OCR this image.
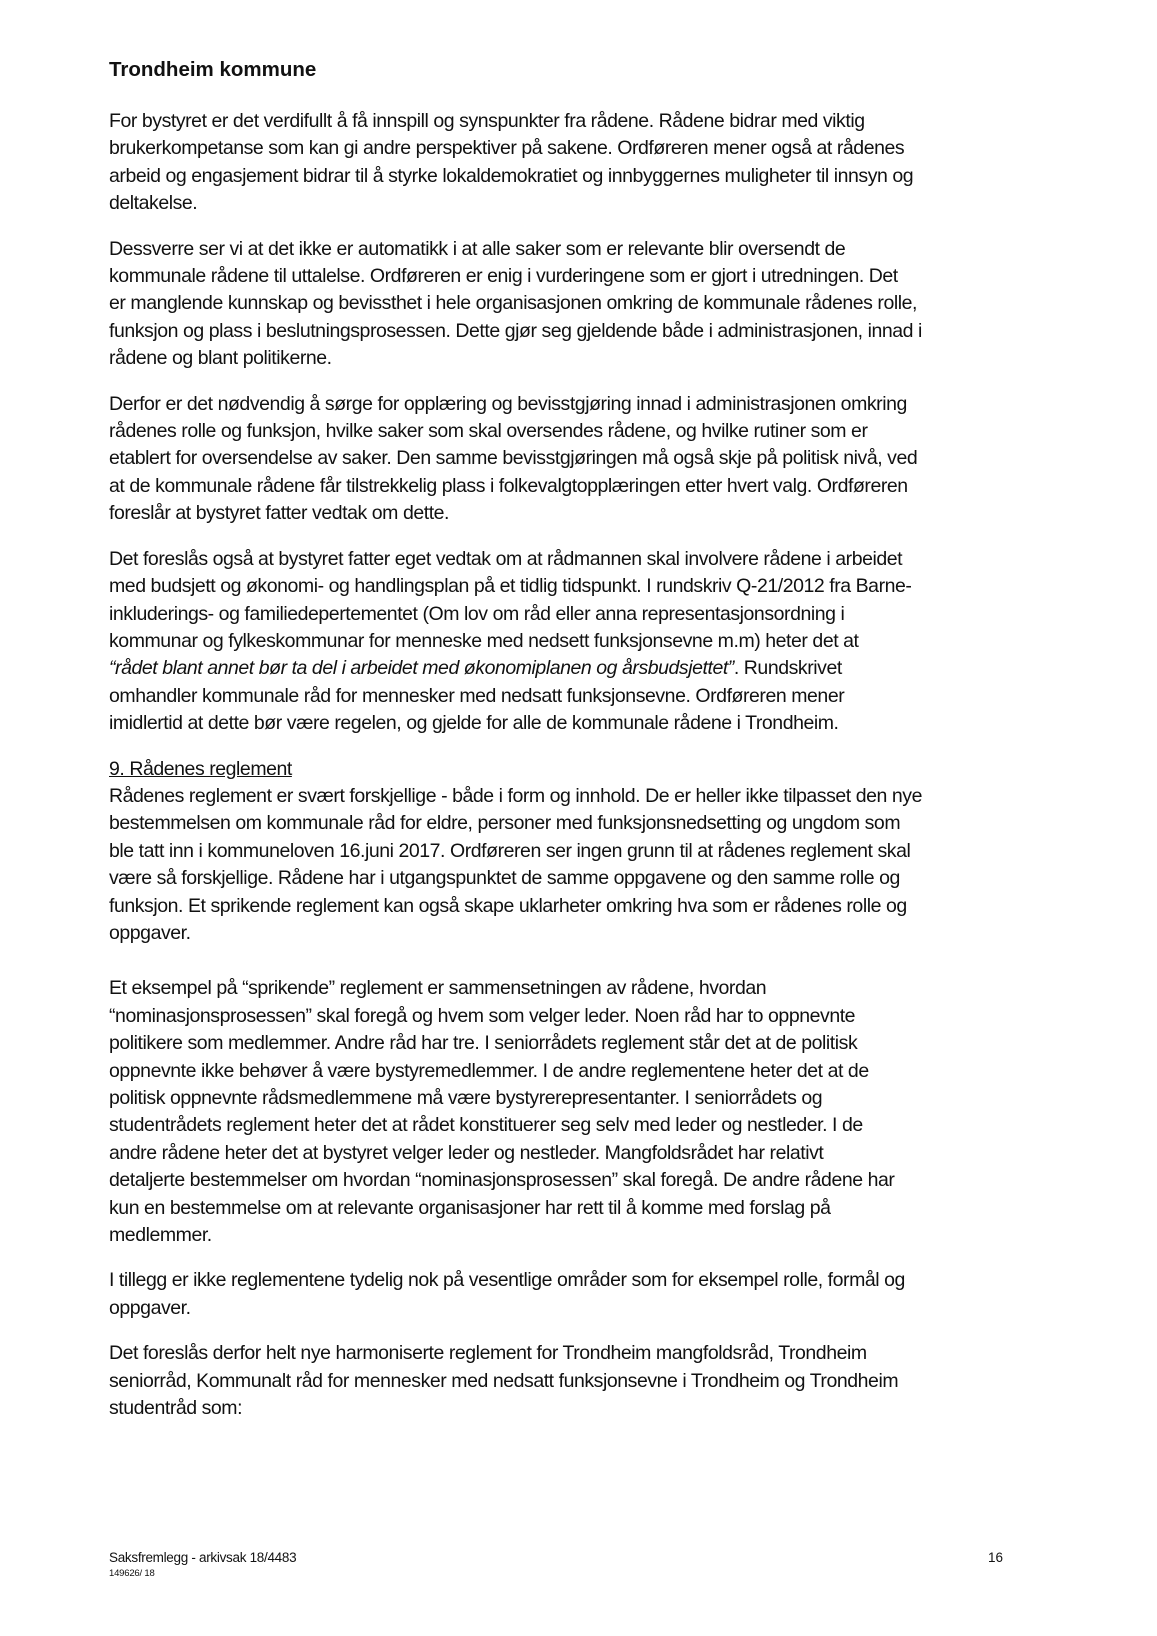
Trondheim kommune

For bystyret er det verdifullt å få innspill og synspunkter fra rådene. Rådene bidrar med viktig
brukerkompetanse som kan gi andre perspektiver på sakene. Ordføreren mener også at rådenes
arbeid og engasjement bidrar til å styrke lokaldemokratiet og innbyggernes muligheter til innsyn og
deltakelse.

Dessverre ser vi at det ikke er automatikk i at alle saker som er relevante blir oversendt de
kommunale rådene til uttalelse. Ordføreren er enig i vurderingene som er gjort i utredningen. Det
er manglende kunnskap og bevissthet i hele organisasjonen omkring de kommunale rådenes rolle,
funksjon og plass i beslutningsprosessen. Dette gjør seg gjeldende både i administrasjonen, innad i
rådene og blant politikerne.

Derfor er det nødvendig å sørge for opplæring og bevisstgjøring innad i administrasjonen omkring
rådenes rolle og funksjon, hvilke saker som skal oversendes rådene, og hvilke rutiner som er
etablert for oversendelse av saker. Den samme bevisstgjøringen må også skje på politisk nivå, ved
at de kommunale rådene får tilstrekkelig plass i folkevalgtopplæringen etter hvert valg. Ordføreren
foreslår at bystyret fatter vedtak om dette.

Det foreslås også at bystyret fatter eget vedtak om at rådmannen skal involvere rådene i arbeidet
med budsjett og økonomi- og handlingsplan på et tidlig tidspunkt. I rundskriv Q-21/2012 fra Barne-
inkluderings- og familiedepertementet (Om lov om råd eller anna representasjonsordning i
kommunar og fylkeskommunar for menneske med nedsett funksjonsevne m.m) heter det at
“rådet blant annet bør ta del i arbeidet med økonomiplanen og årsbudsjettet”. Rundskrivet
omhandler kommunale råd for mennesker med nedsatt funksjonsevne. Ordføreren mener
imidlertid at dette bør være regelen, og gjelde for alle de kommunale rådene i Trondheim.

9. Rådenes reglement
Rådenes reglement er svært forskjellige - både i form og innhold. De er heller ikke tilpasset den nye
bestemmelsen om kommunale råd for eldre, personer med funksjonsnedsetting og ungdom som
ble tatt inn i kommuneloven 16.juni 2017. Ordføreren ser ingen grunn til at rådenes reglement skal
være så forskjellige. Rådene har i utgangspunktet de samme oppgavene og den samme rolle og
funksjon. Et sprikende reglement kan også skape uklarheter omkring hva som er rådenes rolle og
oppgaver.

Et eksempel på “sprikende” reglement er sammensetningen av rådene, hvordan
“nominasjonsprosessen” skal foregå og hvem som velger leder. Noen råd har to oppnevnte
politikere som medlemmer. Andre råd har tre. I seniorrådets reglement står det at de politisk
oppnevnte ikke behøver å være bystyremedlemmer. I de andre reglementene heter det at de
politisk oppnevnte rådsmedlemmene må være bystyrerepresentanter. I seniorrådets og
studentrådets reglement heter det at rådet konstituerer seg selv med leder og nestleder. I de
andre rådene heter det at bystyret velger leder og nestleder. Mangfoldsrådet har relativt
detaljerte bestemmelser om hvordan “nominasjonsprosessen” skal foregå. De andre rådene har
kun en bestemmelse om at relevante organisasjoner har rett til å komme med forslag på
medlemmer.

I tillegg er ikke reglementene tydelig nok på vesentlige områder som for eksempel rolle, formål og
oppgaver.

Det foreslås derfor helt nye harmoniserte reglement for Trondheim mangfoldsråd, Trondheim
seniorråd, Kommunalt råd for mennesker med nedsatt funksjonsevne i Trondheim og Trondheim
studentråd som:

Saksfremlegg - arkivsak 18/4483
149626/ 18
16
